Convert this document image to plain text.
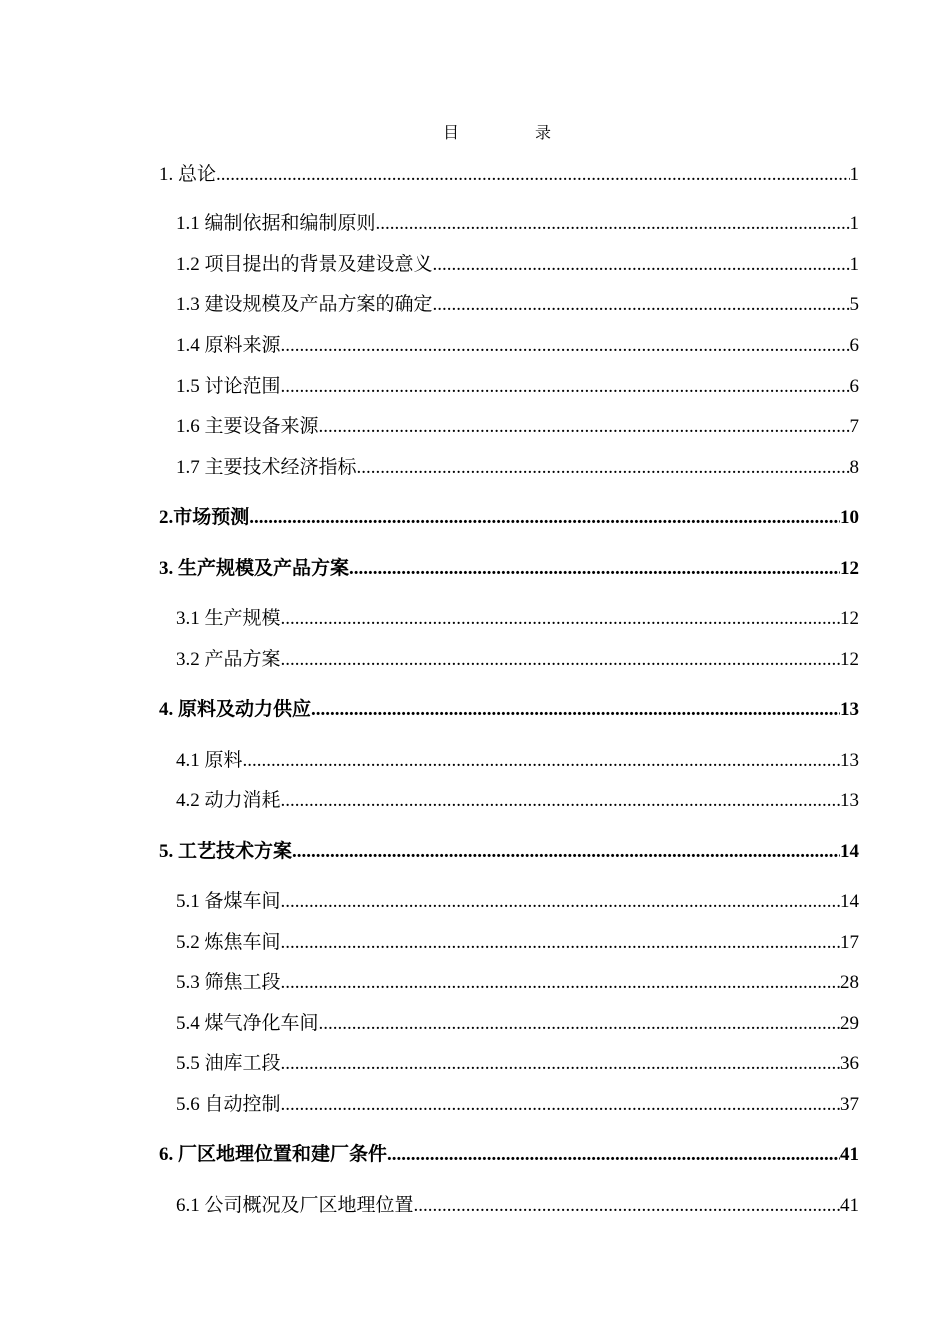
目　录
1. 总论 .....	1
1.1 编制依据和编制原则 .....	1
1.2 项目提出的背景及建设意义 .....	1
1.3 建设规模及产品方案的确定 .....	5
1.4 原料来源 .....	6
1.5 讨论范围 .....	6
1.6 主要设备来源 .....	7
1.7 主要技术经济指标 .....	8
2.市场预测 .....	10
3. 生产规模及产品方案 .....	12
3.1 生产规模 .....	12
3.2 产品方案 .....	12
4. 原料及动力供应 .....	13
4.1 原料 .....	13
4.2 动力消耗 .....	13
5. 工艺技术方案 .....	14
5.1 备煤车间 .....	14
5.2 炼焦车间 .....	17
5.3 筛焦工段 .....	28
5.4 煤气净化车间 .....	29
5.5 油库工段 .....	36
5.6 自动控制 .....	37
6. 厂区地理位置和建厂条件 .....	41
6.1 公司概况及厂区地理位置 .....	41
